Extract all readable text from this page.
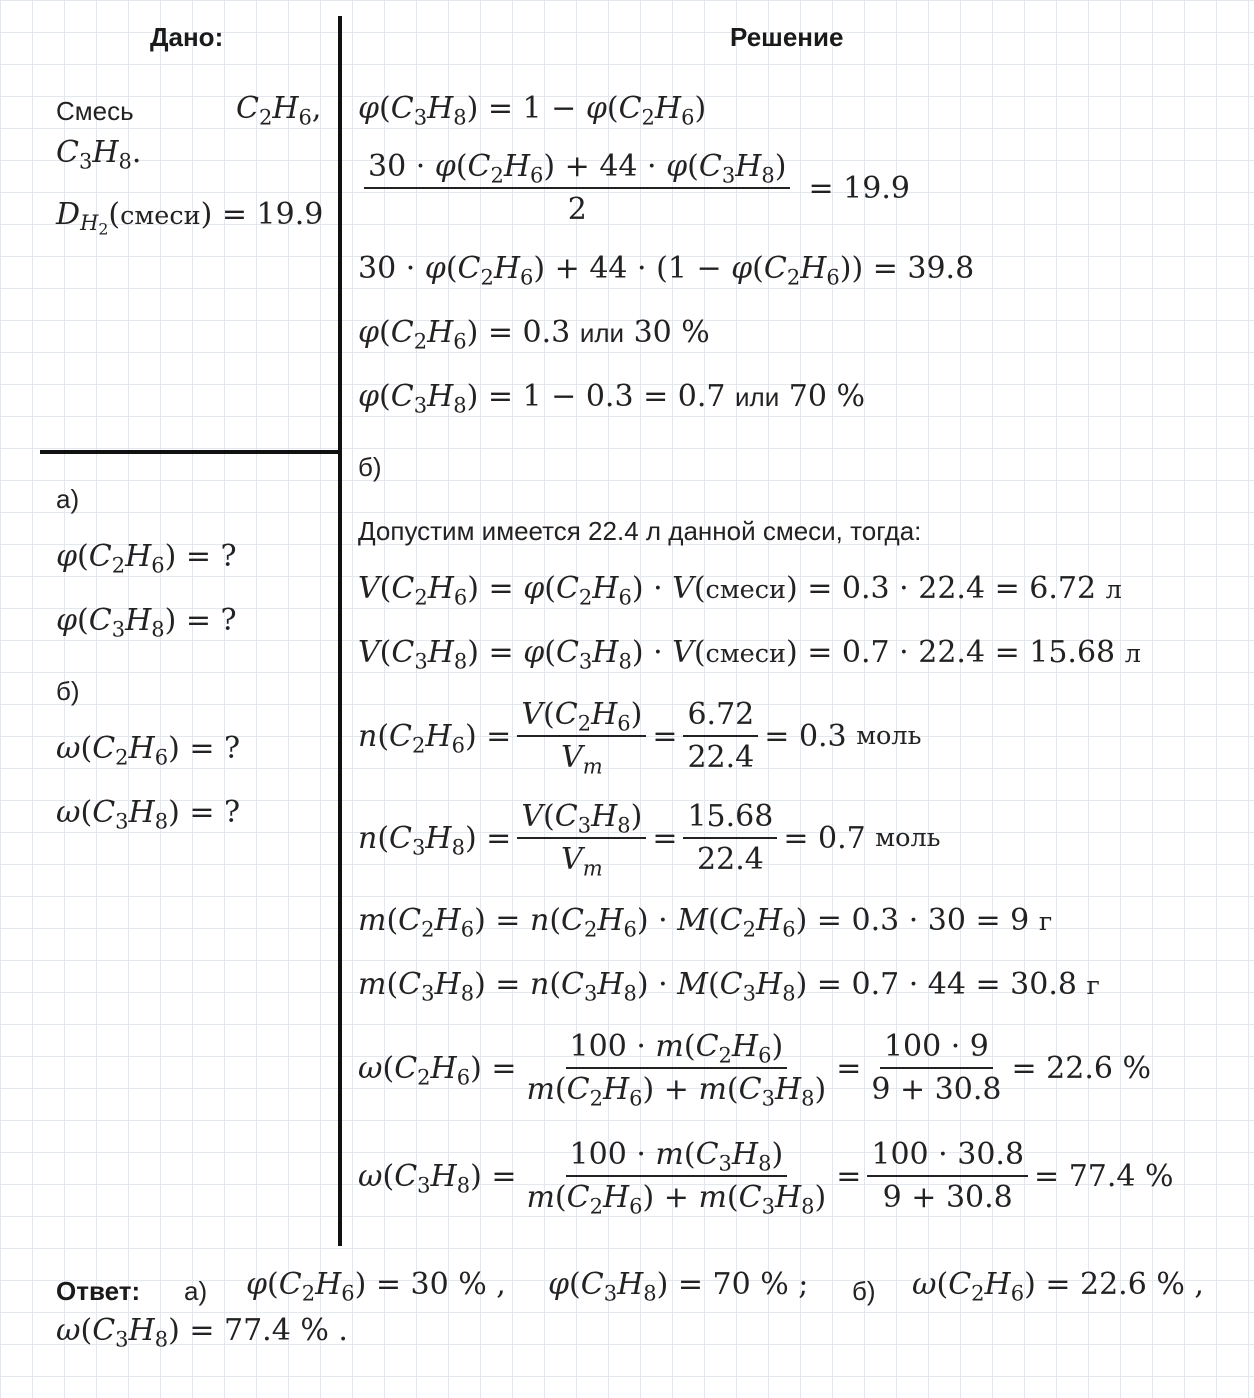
Дано:	Решение
Смесь	$C_2H_6$,
$C_3H_8$.
$D_{H_2}(смеси) = 19.9$
а)
$\varphi(C_2H_6)$ = ?
$\varphi(C_3H_8)$ = ?
б)
$\omega(C_2H_6)$ = ?
$\omega(C_3H_8)$ = ?
$\varphi(C_3H_8) = 1 - \varphi(C_2H_6)$
$\frac{30 \cdot \varphi(C_2H_6) + 44 \cdot \varphi(C_3H_8)}{2} = 19.9$
$30 \cdot \varphi(C_2H_6) + 44 \cdot (1 - \varphi(C_2H_6)) = 39.8$
$\varphi(C_2H_6) = 0.3$ или 30 %
$\varphi(C_3H_8) = 1 - 0.3 = 0.7$ или 70 %
б)
Допустим имеется 22.4 л данной смеси, тогда:
$V(C_2H_6) = \varphi(C_2H_6)$ · V(смеси) = 0.3 · 22.4 = 6.72 л
$V(C_3H_8) = \varphi(C_3H_8)$ · V(смеси) = 0.7 · 22.4 = 15.68 л
$n(C_2H_6) = \frac{V(C_2H_6)}{V_m} = \frac{6.72}{22.4} = 0.3$
моль
$n(C_3H_8) = \frac{V(C_3H_8)}{V_m} = \frac{15.68}{22.4} = 0.7$
моль
$m(C_2H_6) = n(C_2H_6) \cdot M(C_2H_6) = 0.3 \cdot 30 = 9$ г
$m(C_3H_8) = n(C_3H_8) \cdot M(C_3H_8) = 0.7 \cdot 44 = 30.8$ г
$\omega(C_2H_6) = \frac{100 \cdot m(C_2H_6)}{m(C_2H_6) + m(C_3H_8)} = \frac{100 \cdot 9}{9 + 30.8} = 22.6$ %
$\omega(C_3H_8) = \frac{100 \cdot m(C_3H_8)}{m(C_2H_6) + m(C_3H_8)} = \frac{100 \cdot 30.8}{9 + 30.8} = 77.4$ %
Ответ: а) $\varphi(C_2H_6) = 30$ % , $\varphi(C_3H_8) = 70$ % ; б) $\omega(C_2H_6) = 22.6$ % ,
$\omega(C_3H_8) = 77.4$ % .
